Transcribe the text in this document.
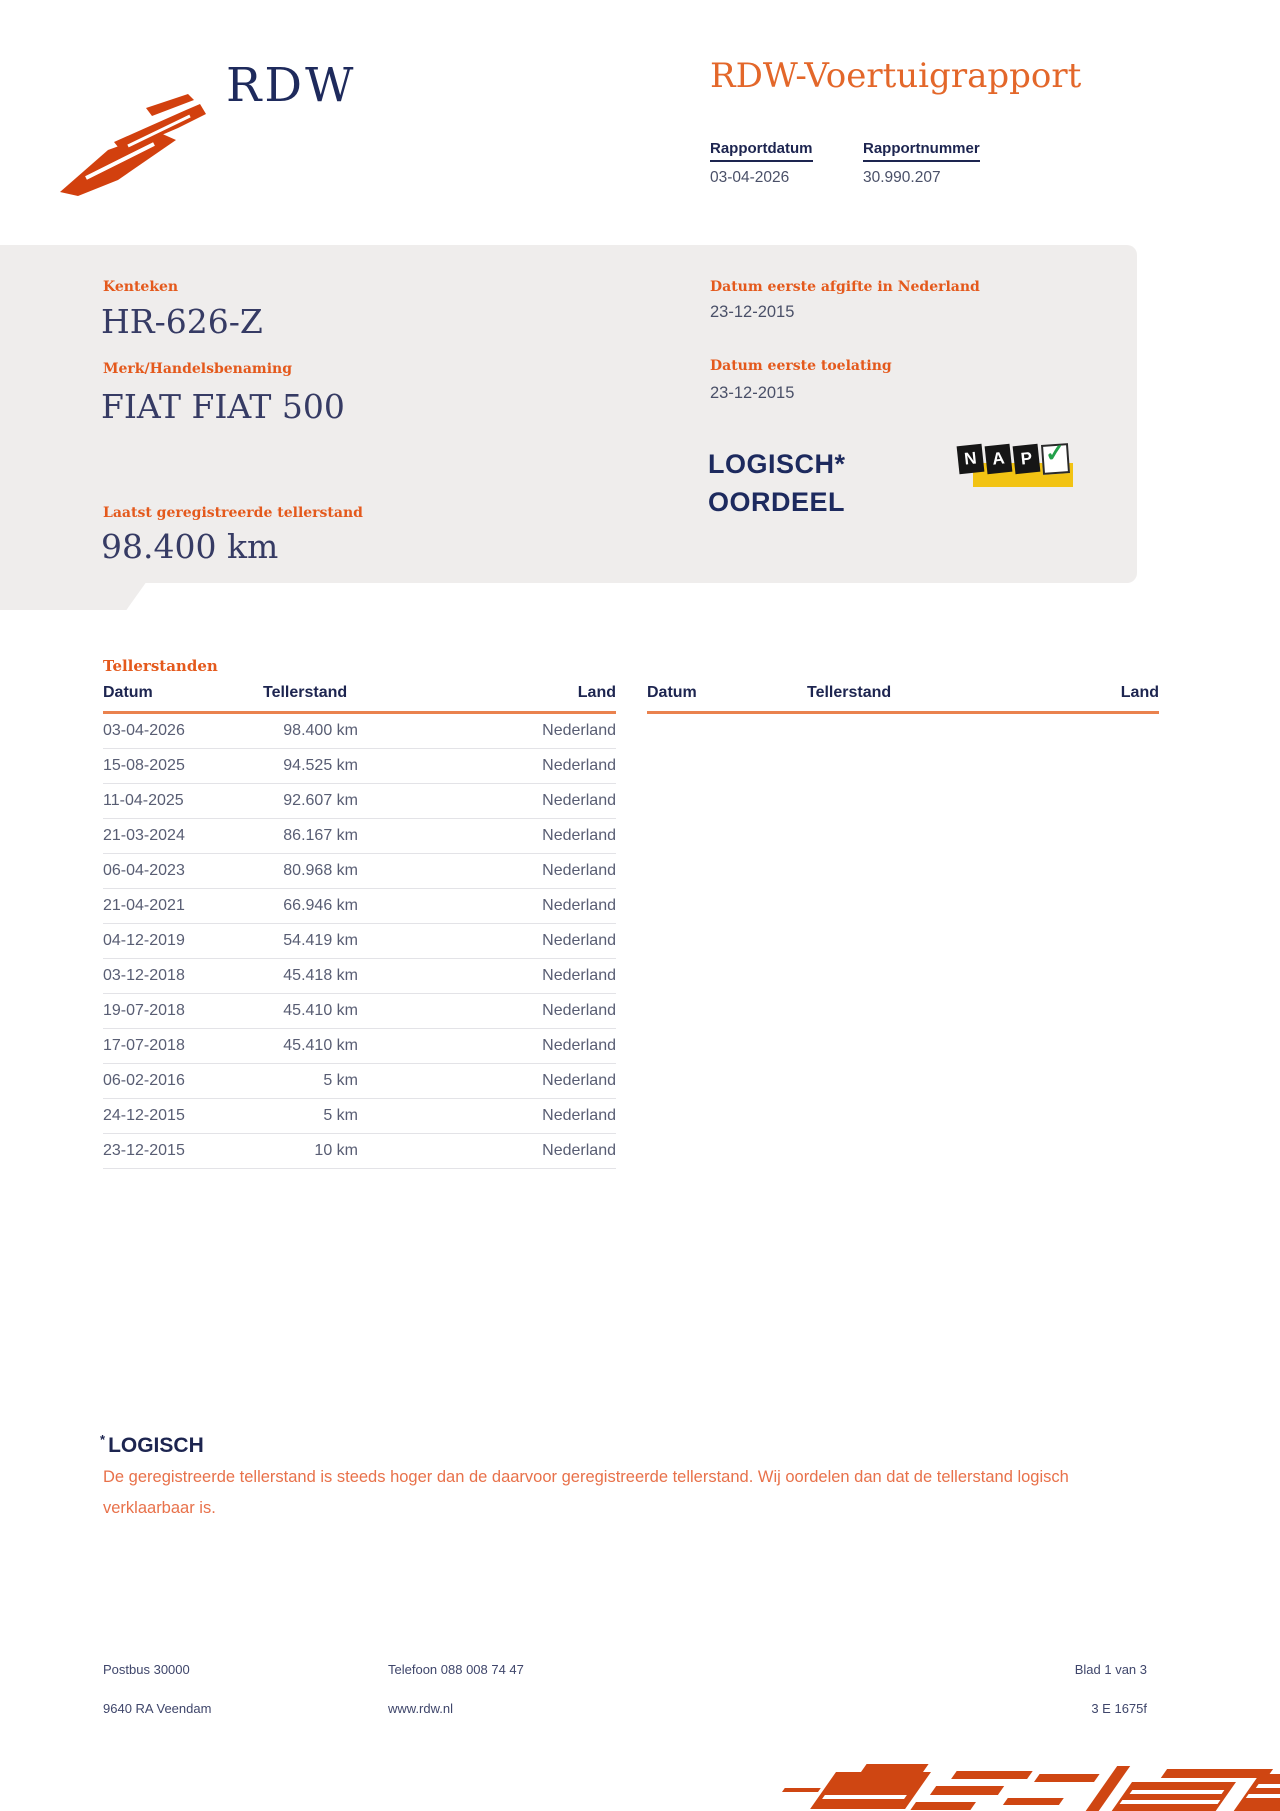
RDW	RDW-Voertuigrapport
Rapportdatum
03-04-2026
Rapportnummer
30.990.207
Kenteken
HR-626-Z
Merk/Handelsbenaming
FIAT FIAT 500
Laatst geregistreerde tellerstand
98.400 km
Datum eerste afgifte in Nederland
23-12-2015
Datum eerste toelating
23-12-2015
LOGISCH*
OORDEEL
N A P ✓
Tellerstanden
Datum	Tellerstand	Land
03-04-2026	98.400 km	Nederland
15-08-2025	94.525 km	Nederland
11-04-2025	92.607 km	Nederland
21-03-2024	86.167 km	Nederland
06-04-2023	80.968 km	Nederland
21-04-2021	66.946 km	Nederland
04-12-2019	54.419 km	Nederland
03-12-2018	45.418 km	Nederland
19-07-2018	45.410 km	Nederland
17-07-2018	45.410 km	Nederland
06-02-2016	5 km	Nederland
24-12-2015	5 km	Nederland
23-12-2015	10 km	Nederland
Datum	Tellerstand	Land
* LOGISCH
De geregistreerde tellerstand is steeds hoger dan de daarvoor geregistreerde tellerstand. Wij oordelen dan dat de tellerstand logisch verklaarbaar is.
Postbus 30000
9640 RA Veendam
Telefoon 088 008 74 47
www.rdw.nl
Blad 1 van 3
3 E 1675f
